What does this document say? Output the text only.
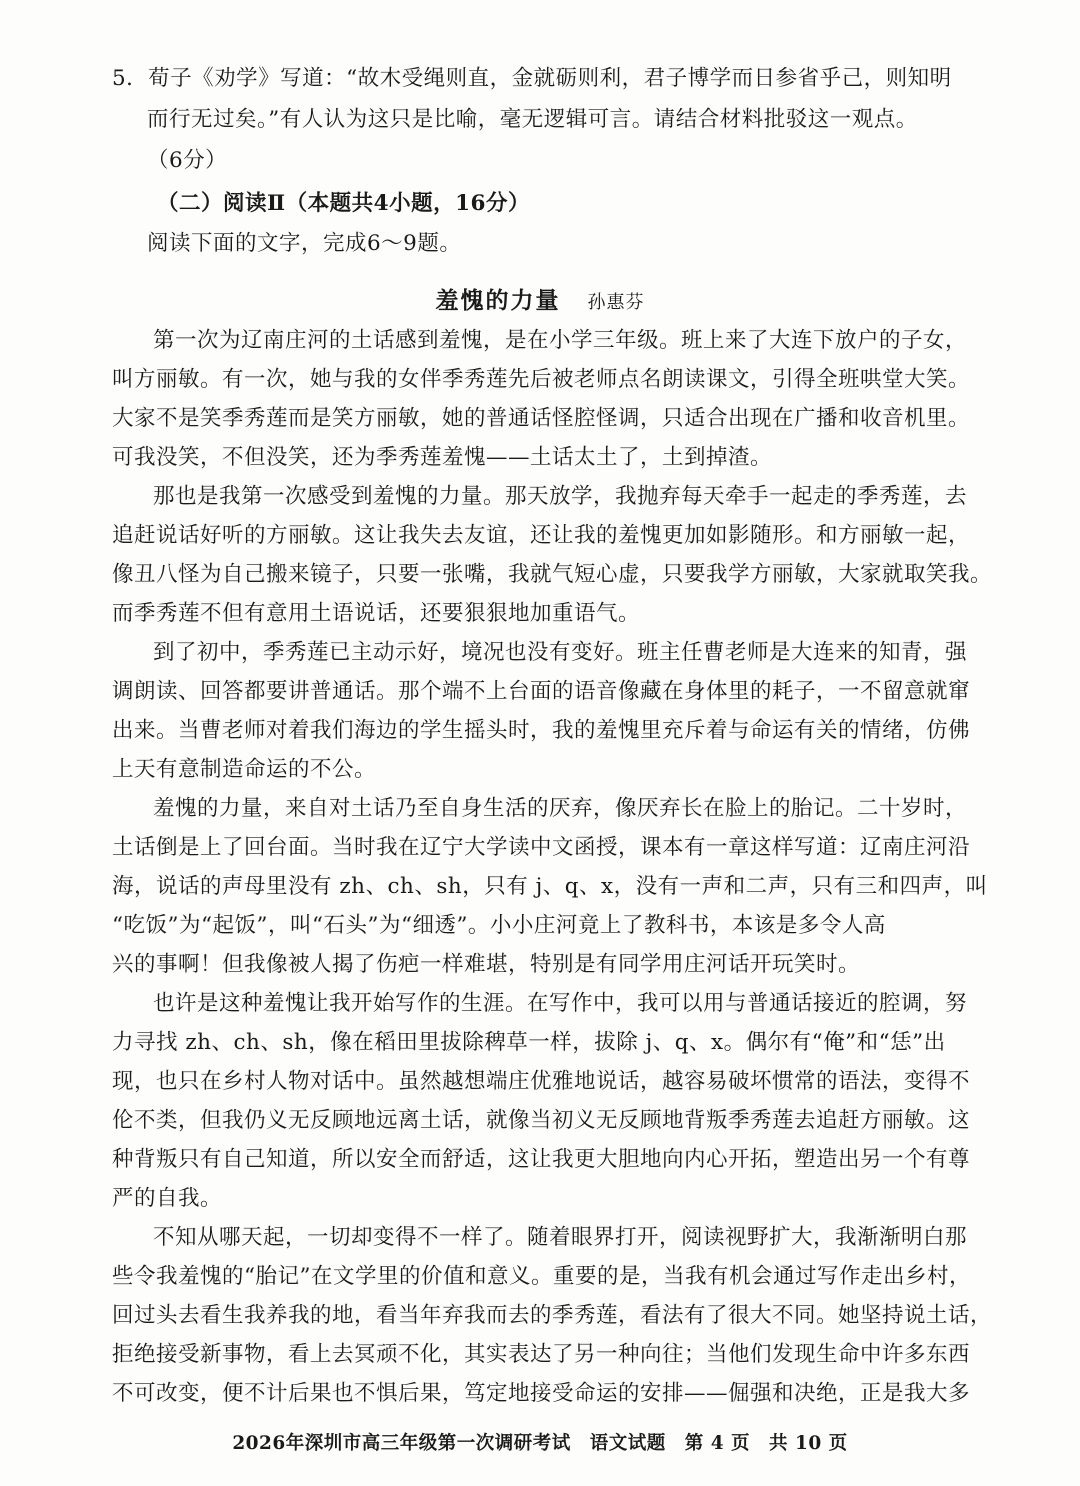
5．荀子《劝学》写道：“故木受绳则直，金就砺则利，君子博学而日参省乎己，则知明
而行无过矣。”有人认为这只是比喻，毫无逻辑可言。请结合材料批驳这一观点。
（6分）
（二）阅读Ⅱ（本题共4小题，16分）
阅读下面的文字，完成6～9题。
羞愧的力量 孙惠芬
第一次为辽南庄河的土话感到羞愧，是在小学三年级。班上来了大连下放户的子女，
叫方丽敏。有一次，她与我的女伴季秀莲先后被老师点名朗读课文，引得全班哄堂大笑。
大家不是笑季秀莲而是笑方丽敏，她的普通话怪腔怪调，只适合出现在广播和收音机里。
可我没笑，不但没笑，还为季秀莲羞愧——土话太土了，土到掉渣。
那也是我第一次感受到羞愧的力量。那天放学，我抛弃每天牵手一起走的季秀莲，去
追赶说话好听的方丽敏。这让我失去友谊，还让我的羞愧更加如影随形。和方丽敏一起，
像丑八怪为自己搬来镜子，只要一张嘴，我就气短心虚，只要我学方丽敏，大家就取笑我。
而季秀莲不但有意用土语说话，还要狠狠地加重语气。
到了初中，季秀莲已主动示好，境况也没有变好。班主任曹老师是大连来的知青，强
调朗读、回答都要讲普通话。那个端不上台面的语音像藏在身体里的耗子，一不留意就窜
出来。当曹老师对着我们海边的学生摇头时，我的羞愧里充斥着与命运有关的情绪，仿佛
上天有意制造命运的不公。
羞愧的力量，来自对土话乃至自身生活的厌弃，像厌弃长在脸上的胎记。二十岁时，
土话倒是上了回台面。当时我在辽宁大学读中文函授，课本有一章这样写道：辽南庄河沿
海，说话的声母里没有 zh、ch、sh，只有 j、q、x，没有一声和二声，只有三和四声，叫
“吃饭”为“起饭”，叫“石头”为“细透”。小小庄河竟上了教科书，本该是多令人高
兴的事啊！但我像被人揭了伤疤一样难堪，特别是有同学用庄河话开玩笑时。
也许是这种羞愧让我开始写作的生涯。在写作中，我可以用与普通话接近的腔调，努
力寻找 zh、ch、sh，像在稻田里拔除稗草一样，拔除 j、q、x。偶尔有“俺”和“恁”出
现，也只在乡村人物对话中。虽然越想端庄优雅地说话，越容易破坏惯常的语法，变得不
伦不类，但我仍义无反顾地远离土话，就像当初义无反顾地背叛季秀莲去追赶方丽敏。这
种背叛只有自己知道，所以安全而舒适，这让我更大胆地向内心开拓，塑造出另一个有尊
严的自我。
不知从哪天起，一切却变得不一样了。随着眼界打开，阅读视野扩大，我渐渐明白那
些令我羞愧的“胎记”在文学里的价值和意义。重要的是，当我有机会通过写作走出乡村，
回过头去看生我养我的地，看当年弃我而去的季秀莲，看法有了很大不同。她坚持说土话，
拒绝接受新事物，看上去冥顽不化，其实表达了另一种向往；当他们发现生命中许多东西
不可改变，便不计后果也不惧后果，笃定地接受命运的安排——倔强和决绝，正是我大多
2026年深圳市高三年级第一次调研考试　语文试题　第 4 页　共 10 页
